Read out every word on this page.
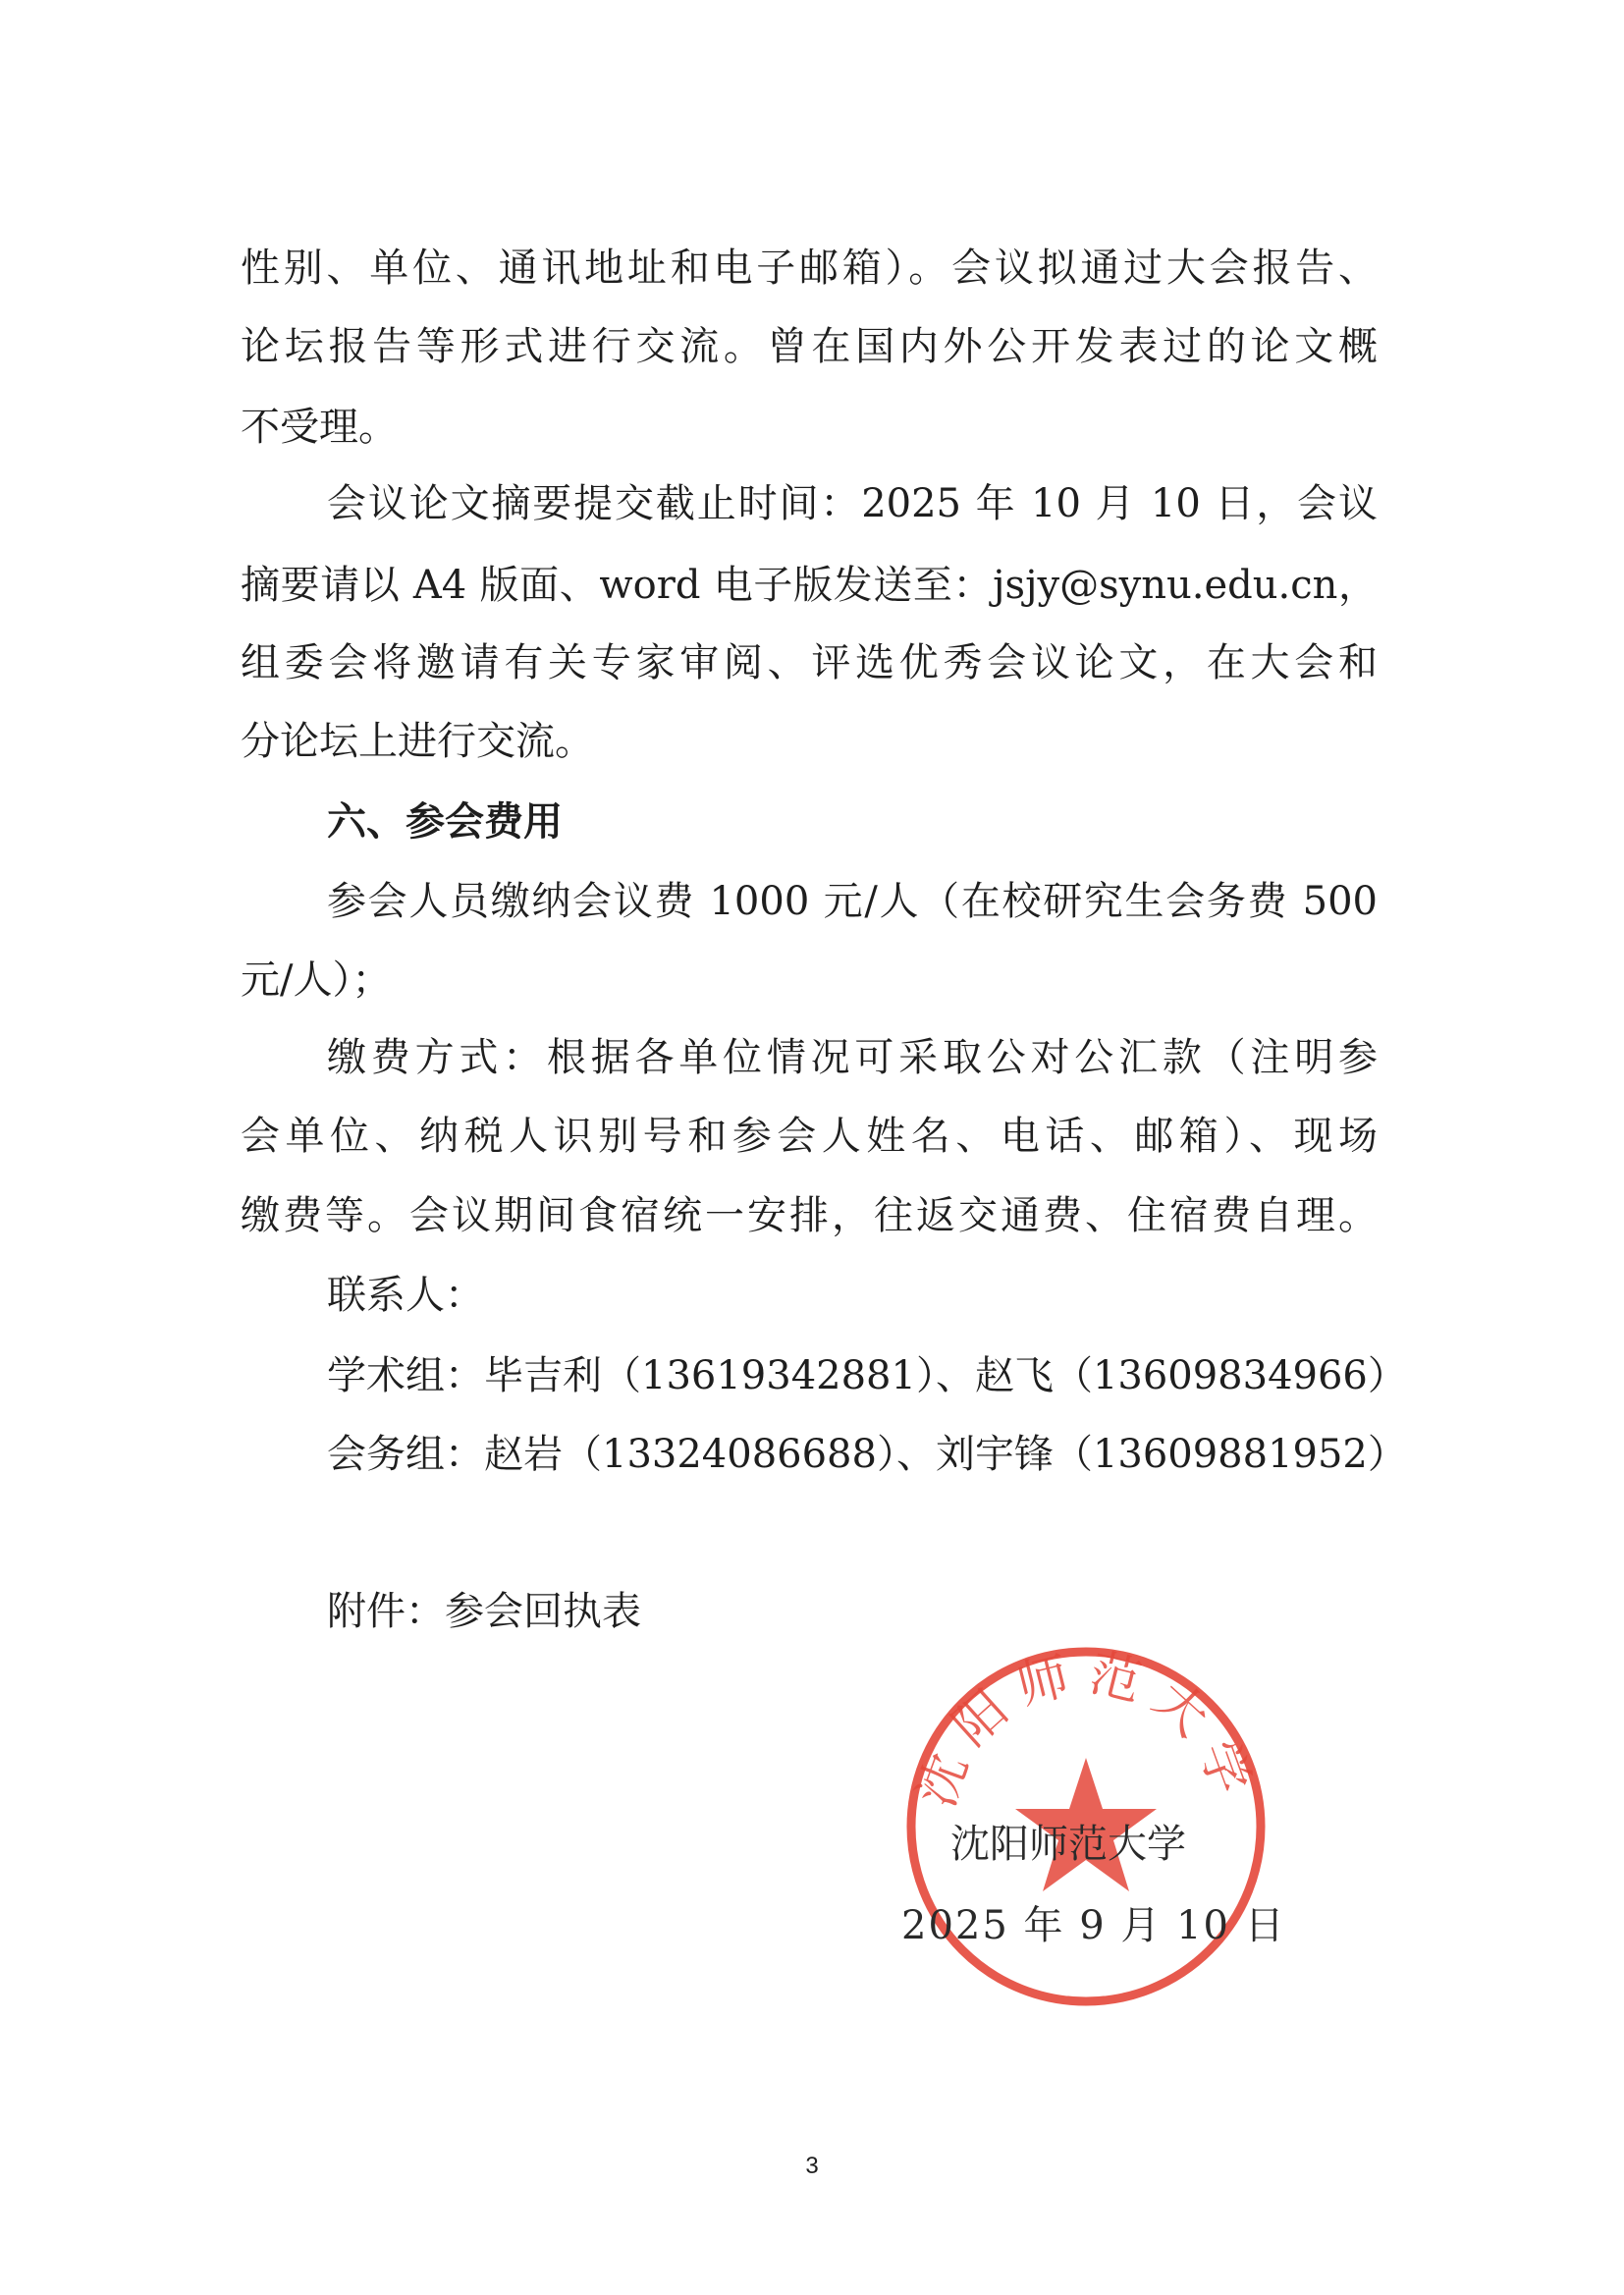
性别、单位、通讯地址和电子邮箱）。会议拟通过大会报告、
论坛报告等形式进行交流。曾在国内外公开发表过的论文概
不受理。
会议论文摘要提交截止时间：2025 年 10 月 10 日，会议
摘要请以 A4 版面、word 电子版发送至：jsjy@synu.edu.cn，
组委会将邀请有关专家审阅、评选优秀会议论文，在大会和
分论坛上进行交流。
六、参会费用
参会人员缴纳会议费 1000 元/人（在校研究生会务费 500
元/人）；
缴费方式：根据各单位情况可采取公对公汇款（注明参
会单位、纳税人识别号和参会人姓名、电话、邮箱）、现场
缴费等。会议期间食宿统一安排，往返交通费、住宿费自理。
联系人：
学术组：毕吉利（13619342881）、赵飞（13609834966）
会务组：赵岩（13324086688）、刘宇锋（13609881952）
附件：参会回执表
沈阳师范大学
沈阳师范大学
2025 年 9 月 10 日
3
